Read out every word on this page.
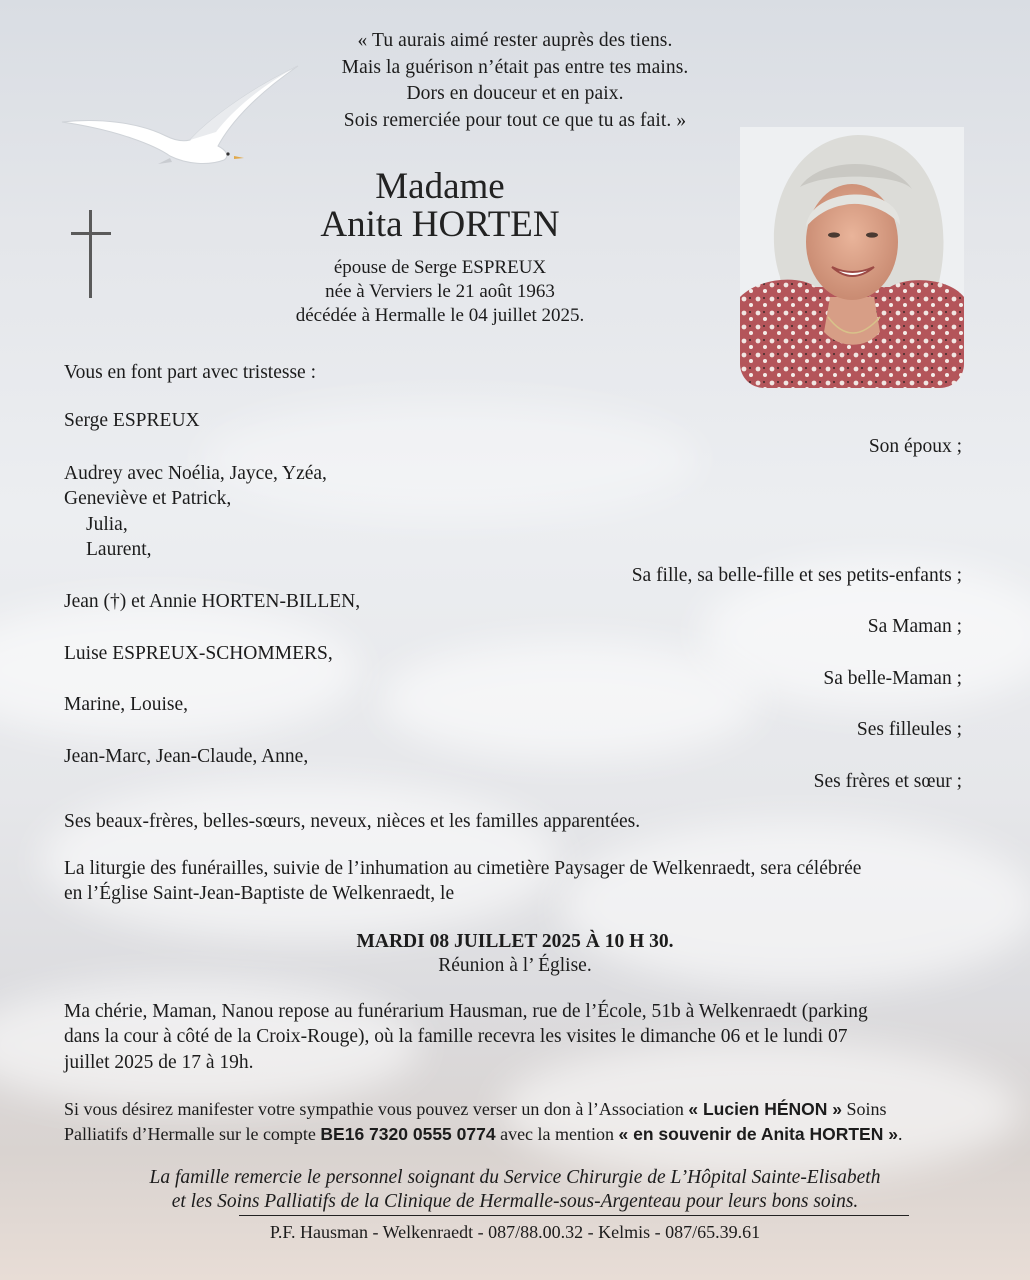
« Tu aurais aimé rester auprès des tiens.
Mais la guérison n’était pas entre tes mains.
Dors en douceur et en paix.
Sois remerciée pour tout ce que tu as fait. »
Madame
Anita HORTEN
épouse de Serge ESPREUX
née à Verviers le 21 août 1963
décédée à Hermalle le 04 juillet 2025.
Vous en font part avec tristesse :
Serge ESPREUX
Son époux ;
Audrey avec Noélia, Jayce, Yzéa,
Geneviève et Patrick,
Julia,
Laurent,
Sa fille, sa belle-fille et ses petits-enfants ;
Jean (†) et Annie HORTEN-BILLEN,
Sa Maman ;
Luise ESPREUX-SCHOMMERS,
Sa belle-Maman ;
Marine, Louise,
Ses filleules ;
Jean-Marc, Jean-Claude, Anne,
Ses frères et sœur ;
Ses beaux-frères, belles-sœurs, neveux, nièces et les familles apparentées.
La liturgie des funérailles, suivie de l’inhumation au cimetière Paysager de Welkenraedt, sera célébrée
en l’Église Saint-Jean-Baptiste de Welkenraedt, le
MARDI 08 JUILLET 2025 À 10 H 30.
Réunion à l’ Église.
Ma chérie, Maman, Nanou repose au funérarium Hausman, rue de l’École, 51b à Welkenraedt (parking
dans la cour à côté de la Croix-Rouge), où la famille recevra les visites le dimanche 06 et le lundi 07
juillet 2025 de 17 à 19h.
Si vous désirez manifester votre sympathie vous pouvez verser un don à l’Association « Lucien HÉNON » Soins
Palliatifs d’Hermalle sur le compte BE16 7320 0555 0774 avec la mention « en souvenir de Anita HORTEN ».
La famille remercie le personnel soignant du Service Chirurgie de L’Hôpital Sainte-Elisabeth
et les Soins Palliatifs de la Clinique de Hermalle-sous-Argenteau pour leurs bons soins.
P.F. Hausman - Welkenraedt - 087/88.00.32 - Kelmis - 087/65.39.61
